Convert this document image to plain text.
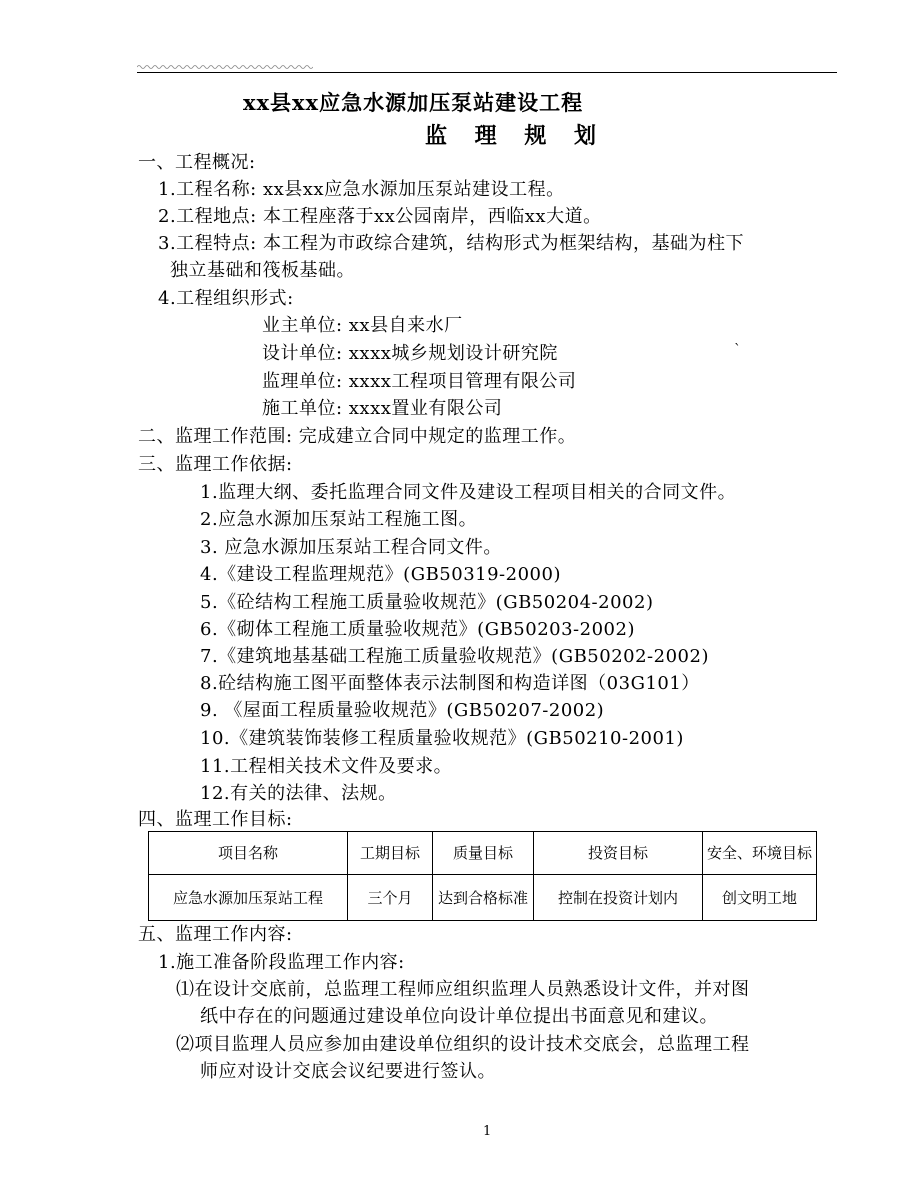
xx县xx应急水源加压泵站建设工程
监 理 规 划
一、工程概况:
1.工程名称: xx县xx应急水源加压泵站建设工程。
2.工程地点: 本工程座落于xx公园南岸，西临xx大道。
3.工程特点: 本工程为市政综合建筑，结构形式为框架结构，基础为柱下
独立基础和筏板基础。
4.工程组织形式:
业主单位: xx县自来水厂
设计单位: xxxx城乡规划设计研究院	`
监理单位: xxxx工程项目管理有限公司
施工单位: xxxx置业有限公司
二、监理工作范围: 完成建立合同中规定的监理工作。
三、监理工作依据:
1.监理大纲、委托监理合同文件及建设工程项目相关的合同文件。
2.应急水源加压泵站工程施工图。
3. 应急水源加压泵站工程合同文件。
4.《建设工程监理规范》(GB50319-2000)
5.《砼结构工程施工质量验收规范》(GB50204-2002)
6.《砌体工程施工质量验收规范》(GB50203-2002)
7.《建筑地基基础工程施工质量验收规范》(GB50202-2002)
8.砼结构施工图平面整体表示法制图和构造详图（03G101）
9. 《屋面工程质量验收规范》(GB50207-2002)
10.《建筑装饰装修工程质量验收规范》(GB50210-2001)
11.工程相关技术文件及要求。
12.有关的法律、法规。
四、监理工作目标:
项目名称	工期目标	质量目标	投资目标	安全、环境目标
应急水源加压泵站工程	三个月	达到合格标准	控制在投资计划内	创文明工地
五、监理工作内容:
1.施工准备阶段监理工作内容:
⑴在设计交底前，总监理工程师应组织监理人员熟悉设计文件，并对图
纸中存在的问题通过建设单位向设计单位提出书面意见和建议。
⑵项目监理人员应参加由建设单位组织的设计技术交底会，总监理工程
师应对设计交底会议纪要进行签认。
1
